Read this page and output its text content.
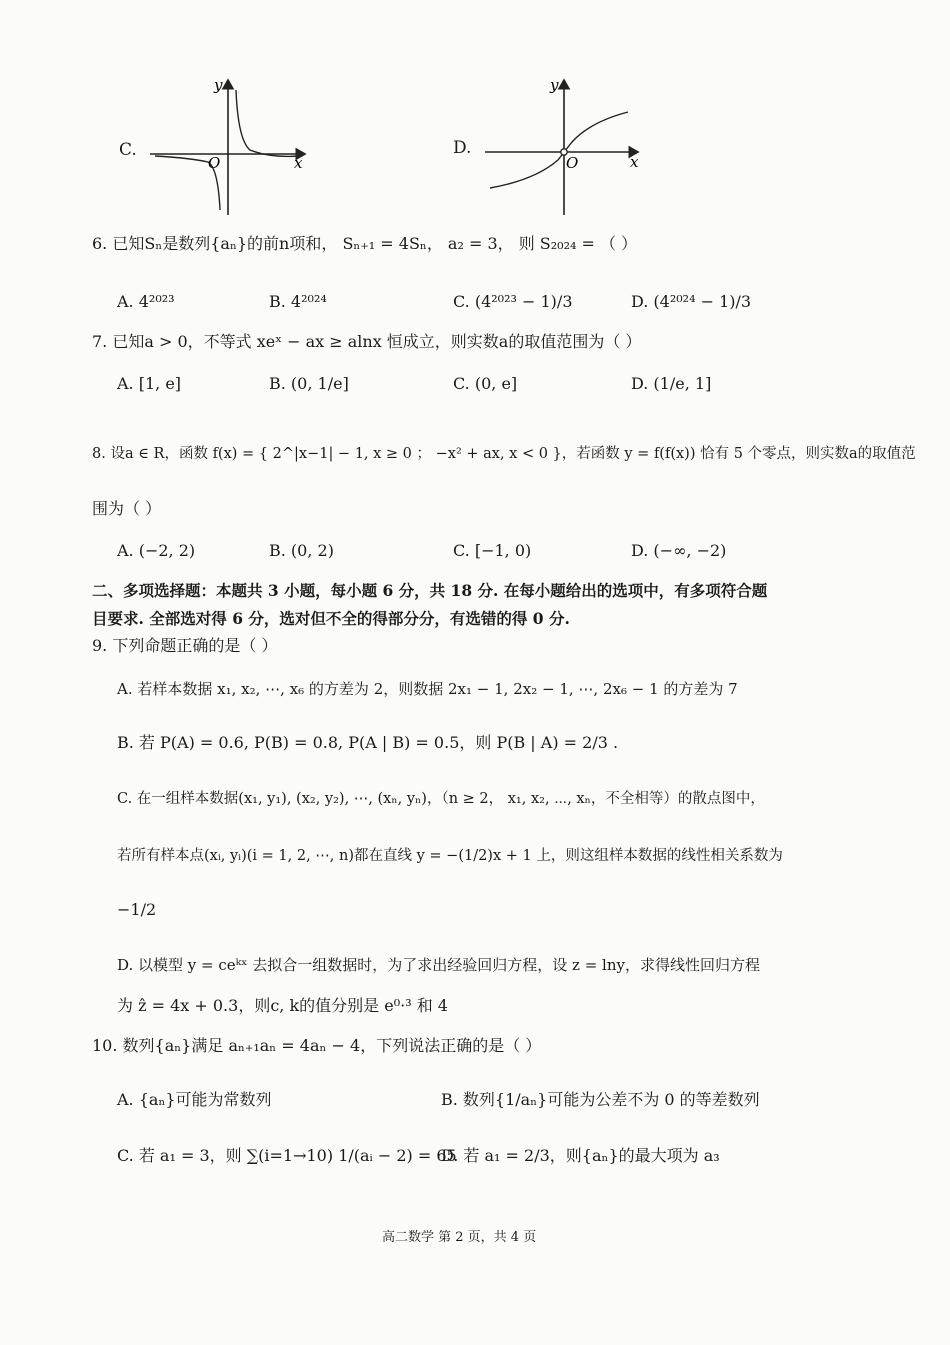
C.
y
O	x
D.
y
O	x
6. 已知Sₙ是数列{aₙ}的前n项和， Sₙ₊₁ = 4Sₙ， a₂ = 3， 则 S₂₀₂₄ = （ ）
A. 4²⁰²³	B. 4²⁰²⁴	C. (4²⁰²³ − 1)/3	D. (4²⁰²⁴ − 1)/3
7. 已知a > 0，不等式 xeˣ − ax ≥ alnx 恒成立，则实数a的取值范围为（ ）
A. [1, e]	B. (0, 1/e]	C. (0, e]	D. (1/e, 1]
8. 设a ∈ R，函数 f(x) = { 2^|x−1| − 1, x ≥ 0 ； −x² + ax, x < 0 }，若函数 y = f(f(x)) 恰有 5 个零点，则实数a的取值范
围为（ ）
A. (−2, 2)	B. (0, 2)	C. [−1, 0)	D. (−∞, −2)
二、多项选择题：本题共 3 小题，每小题 6 分，共 18 分. 在每小题给出的选项中，有多项符合题
目要求. 全部选对得 6 分，选对但不全的得部分分，有选错的得 0 分.
9. 下列命题正确的是（ ）
A. 若样本数据 x₁, x₂, ⋯, x₆ 的方差为 2，则数据 2x₁ − 1, 2x₂ − 1, ⋯, 2x₆ − 1 的方差为 7
B. 若 P(A) = 0.6, P(B) = 0.8, P(A | B) = 0.5，则 P(B | A) = 2/3 .
C. 在一组样本数据(x₁, y₁), (x₂, y₂), ⋯, (xₙ, yₙ)，（n ≥ 2， x₁, x₂, ⋯, xₙ，不全相等）的散点图中，
若所有样本点(xᵢ, yᵢ)(i = 1, 2, ⋯, n)都在直线 y = −(1/2)x + 1 上，则这组样本数据的线性相关系数为
−1/2
D. 以模型 y = ceᵏˣ 去拟合一组数据时，为了求出经验回归方程，设 z = lny，求得线性回归方程
为 ẑ = 4x + 0.3，则c, k的值分别是 e⁰·³ 和 4
10. 数列{aₙ}满足 aₙ₊₁aₙ = 4aₙ − 4，下列说法正确的是（ ）
A. {aₙ}可能为常数列	B. 数列{1/aₙ}可能为公差不为 0 的等差数列
C. 若 a₁ = 3，则 ∑(i=1→10) 1/(aᵢ − 2) = 65
D. 若 a₁ = 2/3，则{aₙ}的最大项为 a₃
高二数学 第 2 页，共 4 页
